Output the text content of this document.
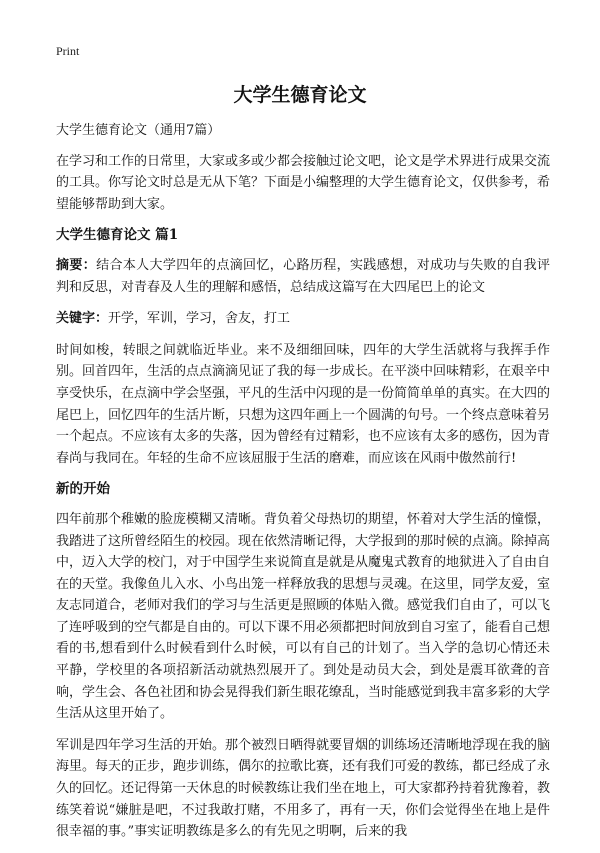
Print
大学生德育论文

大学生德育论文（通用7篇）

在学习和工作的日常里，大家或多或少都会接触过论文吧，论文是学术界进行成果交流的工具。你写论文时总是无从下笔？下面是小编整理的大学生德育论文，仅供参考，希望能够帮助到大家。

大学生德育论文 篇1

摘要：结合本人大学四年的点滴回忆，心路历程，实践感想，对成功与失败的自我评判和反思，对青春及人生的理解和感悟，总结成这篇写在大四尾巴上的论文

关键字：开学，军训，学习，舍友，打工

时间如梭，转眼之间就临近毕业。来不及细细回味，四年的大学生活就将与我挥手作别。回首四年，生活的点点滴滴见证了我的每一步成长。在平淡中回味精彩，在艰辛中享受快乐，在点滴中学会坚强，平凡的生活中闪现的是一份简简单单的真实。在大四的尾巴上，回忆四年的生活片断，只想为这四年画上一个圆满的句号。一个终点意味着另一个起点。不应该有太多的失落，因为曾经有过精彩，也不应该有太多的感伤，因为青春尚与我同在。年轻的生命不应该屈服于生活的磨难，而应该在风雨中傲然前行!

新的开始

四年前那个稚嫩的脸庞模糊又清晰。背负着父母热切的期望，怀着对大学生活的憧憬，我踏进了这所曾经陌生的校园。现在依然清晰记得，大学报到的那时候的点滴。除掉高中，迈入大学的校门，对于中国学生来说简直是就是从魔鬼式教育的地狱进入了自由自在的天堂。我像鱼儿入水、小鸟出笼一样释放我的思想与灵魂。在这里，同学友爱，室友志同道合，老师对我们的学习与生活更是照顾的体贴入微。感觉我们自由了，可以飞了连呼吸到的空气都是自由的。可以下课不用必须都把时间放到自习室了，能看自己想看的书,想看到什么时候看到什么时候，可以有自己的计划了。当入学的急切心情还未平静，学校里的各项招新活动就热烈展开了。到处是动员大会，到处是震耳欲聋的音响，学生会、各色社团和协会晃得我们新生眼花缭乱，当时能感觉到我丰富多彩的大学生活从这里开始了。

军训是四年学习生活的开始。那个被烈日晒得就要冒烟的训练场还清晰地浮现在我的脑海里。每天的正步，跑步训练，偶尔的拉歌比赛，还有我们可爱的教练，都已经成了永久的回忆。还记得第一天休息的时候教练让我们坐在地上，可大家都矜持着犹豫着，教练笑着说“嫌脏是吧，不过我敢打赌，不用多了，再有一天，你们会觉得坐在地上是件很幸福的事。”事实证明教练是多么的有先见之明啊，后来的我
